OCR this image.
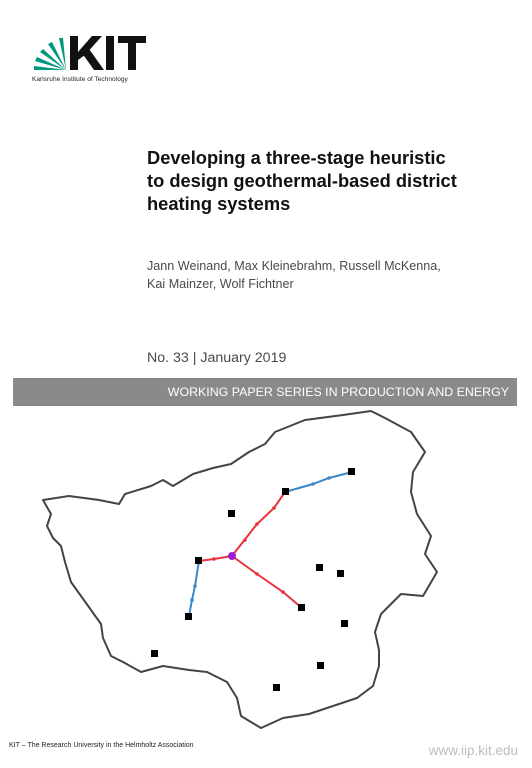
Karlsruhe Institute of Technology
Developing a three-stage heuristic
to design geothermal-based district
heating systems
Jann Weinand, Max Kleinebrahm, Russell McKenna,
Kai Mainzer, Wolf Fichtner
No. 33 | January 2019
WORKING PAPER SERIES IN PRODUCTION AND ENERGY
KIT – The Research University in the Helmholtz Association	www.iip.kit.edu
